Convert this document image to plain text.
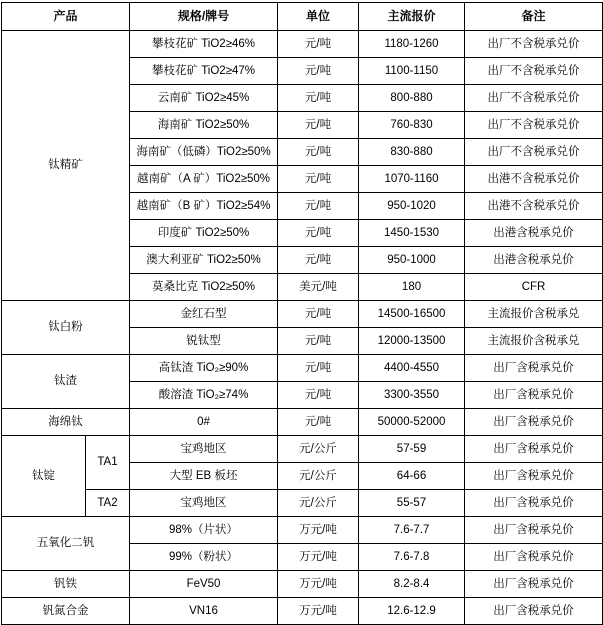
产品		规格/牌号	单位	主流报价	备注
钛精矿		攀枝花矿 TiO2≥46%	元/吨	1180-1260	出厂不含税承兑价
		攀枝花矿 TiO2≥47%	元/吨	1100-1150	出厂不含税承兑价
		云南矿 TiO2≥45%	元/吨	800-880	出厂不含税承兑价
		海南矿 TiO2≥50%	元/吨	760-830	出厂不含税承兑价
		海南矿（低磷）TiO2≥50%	元/吨	830-880	出厂不含税承兑价
		越南矿（A 矿）TiO2≥50%	元/吨	1070-1160	出港不含税承兑价
		越南矿（B 矿）TiO2≥54%	元/吨	950-1020	出港不含税承兑价
		印度矿 TiO2≥50%	元/吨	1450-1530	出港含税承兑价
		澳大利亚矿 TiO2≥50%	元/吨	950-1000	出港含税承兑价
		莫桑比克 TiO2≥50%	美元/吨	180	CFR
钛白粉		金红石型	元/吨	14500-16500	主流报价含税承兑
		锐钛型	元/吨	12000-13500	主流报价含税承兑
钛渣		高钛渣 TiO₂≥90%	元/吨	4400-4550	出厂含税承兑价
		酸溶渣 TiO₂≥74%	元/吨	3300-3550	出厂含税承兑价
海绵钛		0#	元/吨	50000-52000	出厂含税承兑价
钛锭	TA1	宝鸡地区	元/公斤	57-59	出厂含税承兑价
		大型 EB 板坯	元/公斤	64-66	出厂含税承兑价
	TA2	宝鸡地区	元/公斤	55-57	出厂含税承兑价
五氧化二钒		98%（片状）	万元/吨	7.6-7.7	出厂含税承兑价
		99%（粉状）	万元/吨	7.6-7.8	出厂含税承兑价
钒铁		FeV50	万元/吨	8.2-8.4	出厂含税承兑价
钒氮合金		VN16	万元/吨	12.6-12.9	出厂含税承兑价
